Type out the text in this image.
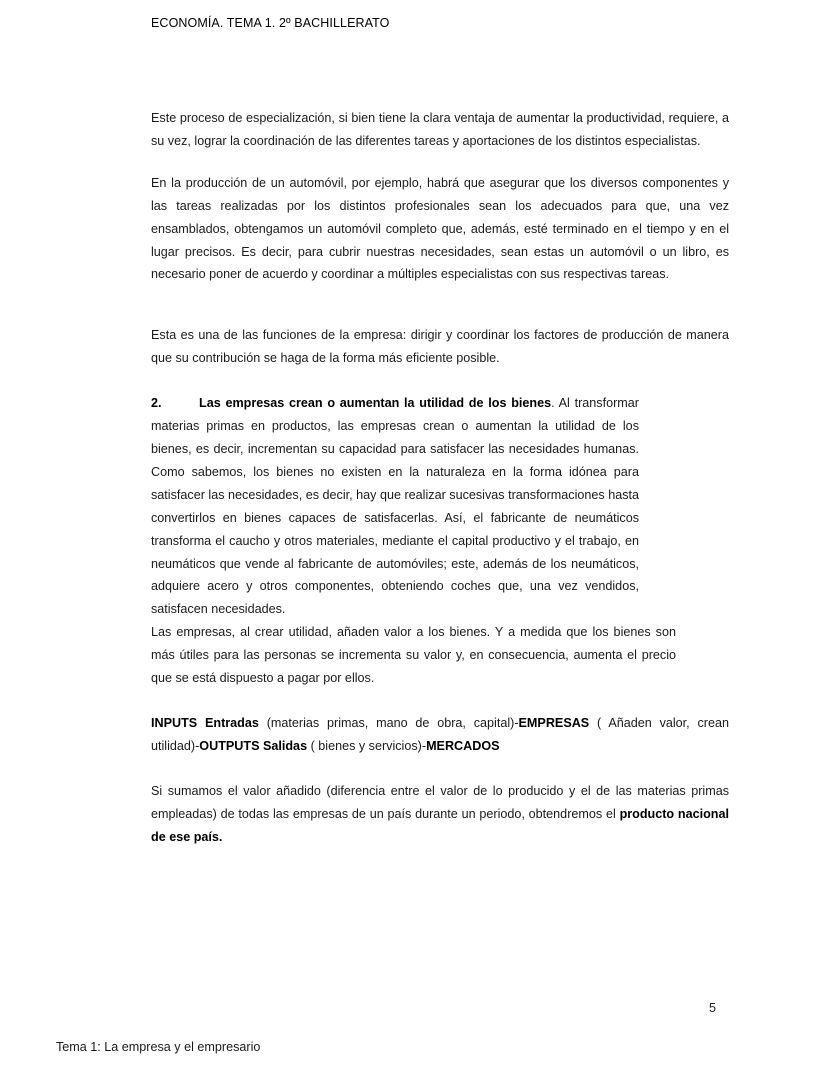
ECONOMÍA. TEMA 1. 2º BACHILLERATO

Este proceso de especialización, si bien tiene la clara ventaja de aumentar la productividad, requiere, a su vez, lograr la coordinación de las diferentes tareas y aportaciones de los distintos especialistas.

En la producción de un automóvil, por ejemplo, habrá que asegurar que los diversos componentes y las tareas realizadas por los distintos profesionales sean los adecuados para que, una vez ensamblados, obtengamos un automóvil completo que, además, esté terminado en el tiempo y en el lugar precisos. Es decir, para cubrir nuestras necesidades, sean estas un automóvil o un libro, es necesario poner de acuerdo y coordinar a múltiples especialistas con sus respectivas tareas.

Esta es una de las funciones de la empresa: dirigir y coordinar los factores de producción de manera que su contribución se haga de la forma más eficiente posible.

2.	Las empresas crean o aumentan la utilidad de los bienes. Al transformar materias primas en productos, las empresas crean o aumentan la utilidad de los bienes, es decir, incrementan su capacidad para satisfacer las necesidades humanas. Como sabemos, los bienes no existen en la naturaleza en la forma idónea para satisfacer las necesidades, es decir, hay que realizar sucesivas transformaciones hasta convertirlos en bienes capaces de satisfacerlas. Así, el fabricante de neumáticos transforma el caucho y otros materiales, mediante el capital productivo y el trabajo, en neumáticos que vende al fabricante de automóviles; este, además de los neumáticos, adquiere acero y otros componentes, obteniendo coches que, una vez vendidos, satisfacen necesidades.

Las empresas, al crear utilidad, añaden valor a los bienes. Y a medida que los bienes son más útiles para las personas se incrementa su valor y, en consecuencia, aumenta el precio que se está dispuesto a pagar por ellos.

INPUTS Entradas (materias primas, mano de obra, capital)-EMPRESAS ( Añaden valor, crean utilidad)-OUTPUTS Salidas ( bienes y servicios)-MERCADOS

Si sumamos el valor añadido (diferencia entre el valor de lo producido y el de las materias primas empleadas) de todas las empresas de un país durante un periodo, obtendremos el producto nacional de ese país.

5
Tema 1: La empresa y el empresario
